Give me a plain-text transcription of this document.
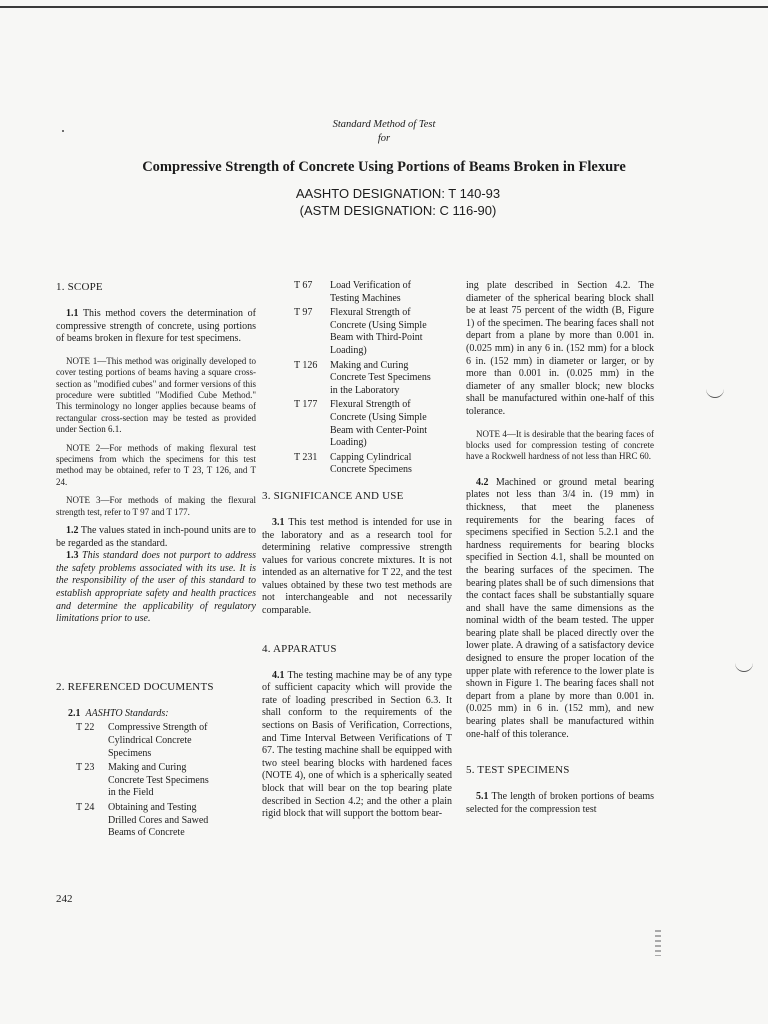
Standard Method of Test
for
Compressive Strength of Concrete Using Portions of Beams Broken in Flexure
AASHTO DESIGNATION: T 140-93
(ASTM DESIGNATION: C 116-90)
1. SCOPE

1.1 This method covers the determination of compressive strength of concrete, using portions of beams broken in flexure for test specimens.

NOTE 1—This method was originally developed to cover testing portions of beams having a square cross-section as "modified cubes" and former versions of this procedure were subtitled "Modified Cube Method." This terminology no longer applies because beams of rectangular cross-section may be tested as provided under Section 6.1.

NOTE 2—For methods of making flexural test specimens from which the specimens for this test method may be obtained, refer to T 23, T 126, and T 24.

NOTE 3—For methods of making the flexural strength test, refer to T 97 and T 177.

1.2 The values stated in inch-pound units are to be regarded as the standard.

1.3 This standard does not purport to address the safety problems associated with its use. It is the responsibility of the user of this standard to establish appropriate safety and health practices and determine the applicability of regulatory limitations prior to use.

2. REFERENCED DOCUMENTS
2.1 AASHTO Standards:
T 22	Compressive Strength of Cylindrical Concrete Specimens
T 23	Making and Curing Concrete Test Specimens in the Field
T 24	Obtaining and Testing Drilled Cores and Sawed Beams of Concrete
T 67	Load Verification of Testing Machines
T 97	Flexural Strength of Concrete (Using Simple Beam with Third-Point Loading)
T 126	Making and Curing Concrete Test Specimens in the Laboratory
T 177	Flexural Strength of Concrete (Using Simple Beam with Center-Point Loading)
T 231	Capping Cylindrical Concrete Specimens
3. SIGNIFICANCE AND USE

3.1 This test method is intended for use in the laboratory and as a research tool for determining relative compressive strength values for various concrete mixtures. It is not intended as an alternative for T 22, and the test values obtained by these two test methods are not interchangeable and not necessarily comparable.

4. APPARATUS

4.1 The testing machine may be of any type of sufficient capacity which will provide the rate of loading prescribed in Section 6.3. It shall conform to the requirements of the sections on Basis of Verification, Corrections, and Time Interval Between Verifications of T 67. The testing machine shall be equipped with two steel bearing blocks with hardened faces (NOTE 4), one of which is a spherically seated block that will bear on the top bearing plate described in Section 4.2; and the other a plain rigid block that will support the bottom bear-

ing plate described in Section 4.2. The diameter of the spherical bearing block shall be at least 75 percent of the width (B, Figure 1) of the specimen. The bearing faces shall not depart from a plane by more than 0.001 in. (0.025 mm) in any 6 in. (152 mm) for a block 6 in. (152 mm) in diameter or larger, or by more than 0.001 in. (0.025 mm) in the diameter of any smaller block; new blocks shall be manufactured within one-half of this tolerance.

NOTE 4—It is desirable that the bearing faces of blocks used for compression testing of concrete have a Rockwell hardness of not less than HRC 60.

4.2 Machined or ground metal bearing plates not less than 3/4 in. (19 mm) in thickness, that meet the planeness requirements for the bearing faces of specimens specified in Section 5.2.1 and the hardness requirements for bearing blocks specified in Section 4.1, shall be mounted on the bearing surfaces of the specimen. The bearing plates shall be of such dimensions that the contact faces shall be substantially square and shall have the same dimensions as the nominal width of the beam tested. The upper bearing plate shall be placed directly over the lower plate. A drawing of a satisfactory device designed to ensure the proper location of the upper plate with reference to the lower plate is shown in Figure 1. The bearing faces shall not depart from a plane by more than 0.001 in. (0.025 mm) in 6 in. (152 mm), and new bearing plates shall be manufactured within one-half of this tolerance.

5. TEST SPECIMENS

5.1 The length of broken portions of beams selected for the compression test

242
